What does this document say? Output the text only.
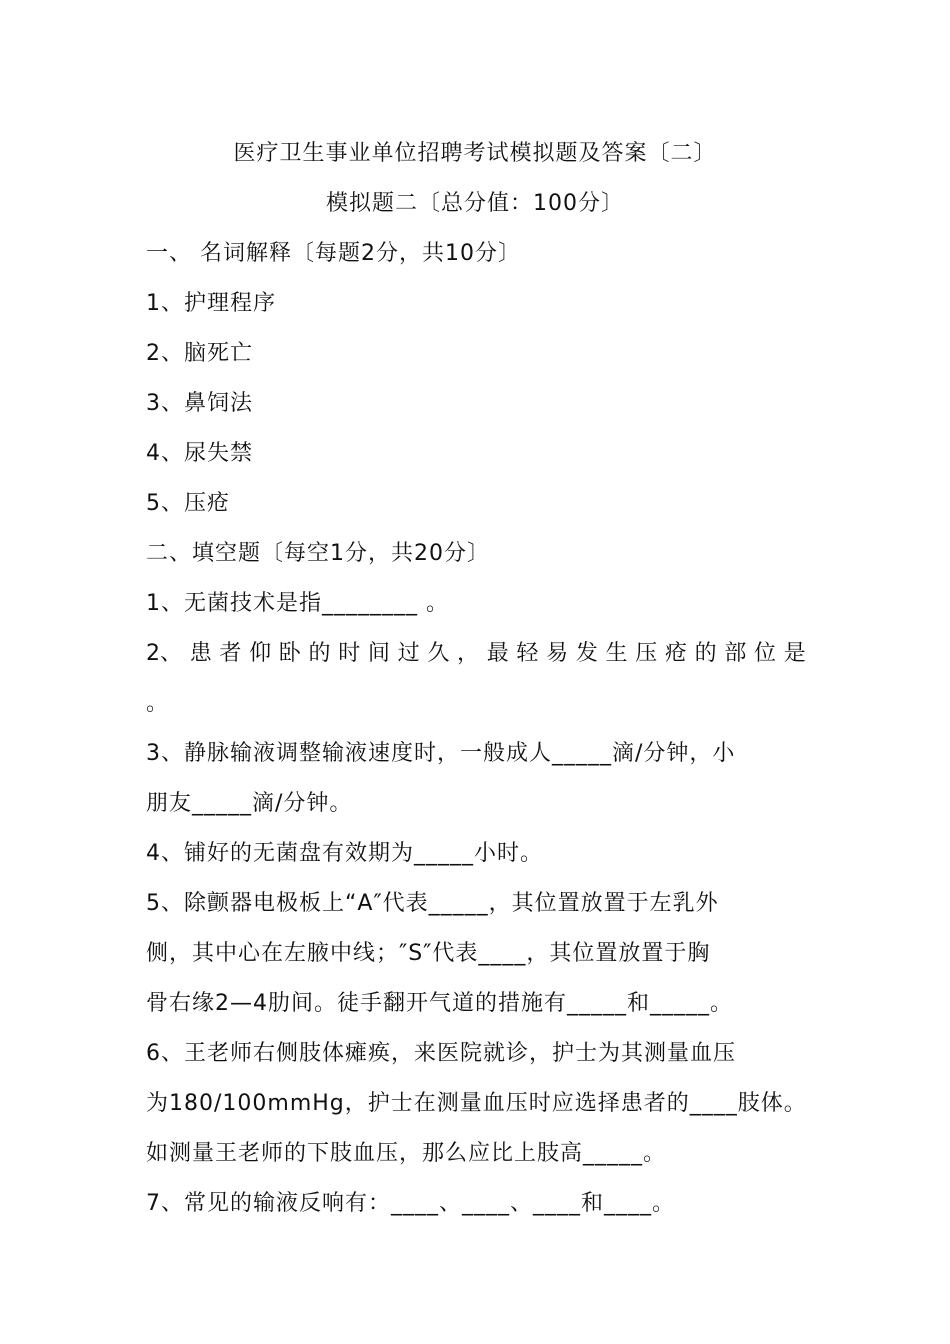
医疗卫生事业单位招聘考试模拟题及答案〔二〕
模拟题二〔总分值：100分〕
一、 名词解释〔每题2分，共10分〕
1、护理程序
2、脑死亡
3、鼻饲法
4、尿失禁
5、压疮
二、填空题〔每空1分，共20分〕
1、无菌技术是指________ 。
2、 患 者 仰 卧 的 时 间 过 久 ， 最 轻 易 发 生 压 疮 的 部 位 是
。
3、静脉输液调整输液速度时，一般成人_____滴/分钟，小
朋友_____滴/分钟。
4、铺好的无菌盘有效期为_____小时。
5、除颤器电极板上“A″代表_____，其位置放置于左乳外
侧，其中心在左腋中线；″S″代表____，其位置放置于胸
骨右缘2—4肋间。徒手翻开气道的措施有_____和_____。
6、王老师右侧肢体瘫痪，来医院就诊，护士为其测量血压
为180/100mmHg，护士在测量血压时应选择患者的____肢体。
如测量王老师的下肢血压，那么应比上肢高_____。
7、常见的输液反响有：____、____、____和____。
